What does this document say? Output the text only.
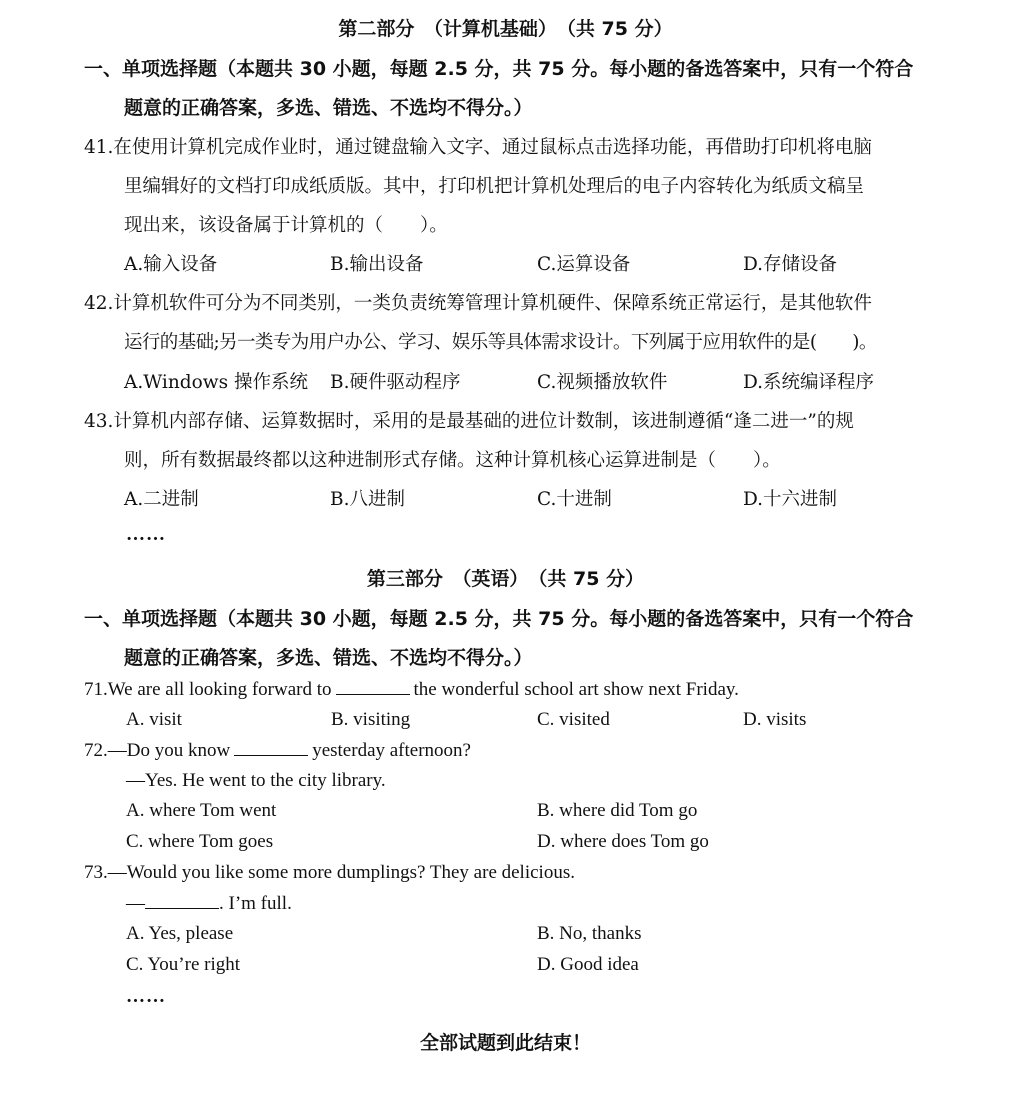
第二部分　（计算机基础）　（共 75 分）
一、单项选择题（本题共 30 小题，每题 2.5 分，共 75 分。每小题的备选答案中，只有一个符合
题意的正确答案，多选、错选、不选均不得分。）
41.在使用计算机完成作业时，通过键盘输入文字、通过鼠标点击选择功能，再借助打印机将电脑
里编辑好的文档打印成纸质版。其中，打印机把计算机处理后的电子内容转化为纸质文稿呈
现出来，该设备属于计算机的（　　）。
A.输入设备	B.输出设备	C.运算设备	D.存储设备
42.计算机软件可分为不同类别，一类负责统筹管理计算机硬件、保障系统正常运行，是其他软件
运行的基础;另一类专为用户办公、学习、娱乐等具体需求设计。下列属于应用软件的是(　　)。
A.Windows 操作系统 B.硬件驱动程序	C.视频播放软件	D.系统编译程序
43.计算机内部存储、运算数据时，采用的是最基础的进位计数制，该进制遵循“逢二进一”的规
则，所有数据最终都以这种进制形式存储。这种计算机核心运算进制是（　　）。
A.二进制	B.八进制	C.十进制	D.十六进制
……
第三部分　（英语）　（共 75 分）
一、单项选择题（本题共 30 小题，每题 2.5 分，共 75 分。每小题的备选答案中，只有一个符合
题意的正确答案，多选、错选、不选均不得分。）
71.We are all looking forward to	the wonderful school art show next Friday.
A. visit	B. visiting	C. visited	D. visits
72.—Do you know	yesterday afternoon?
—Yes. He went to the city library.
A. where Tom went	B. where did Tom go
C. where Tom goes	D. where does Tom go
73.—Would you like some more dumplings? They are delicious.
—	. I’m full.
A. Yes, please	B. No, thanks
C. You’re right	D. Good idea
……
全部试题到此结束！
